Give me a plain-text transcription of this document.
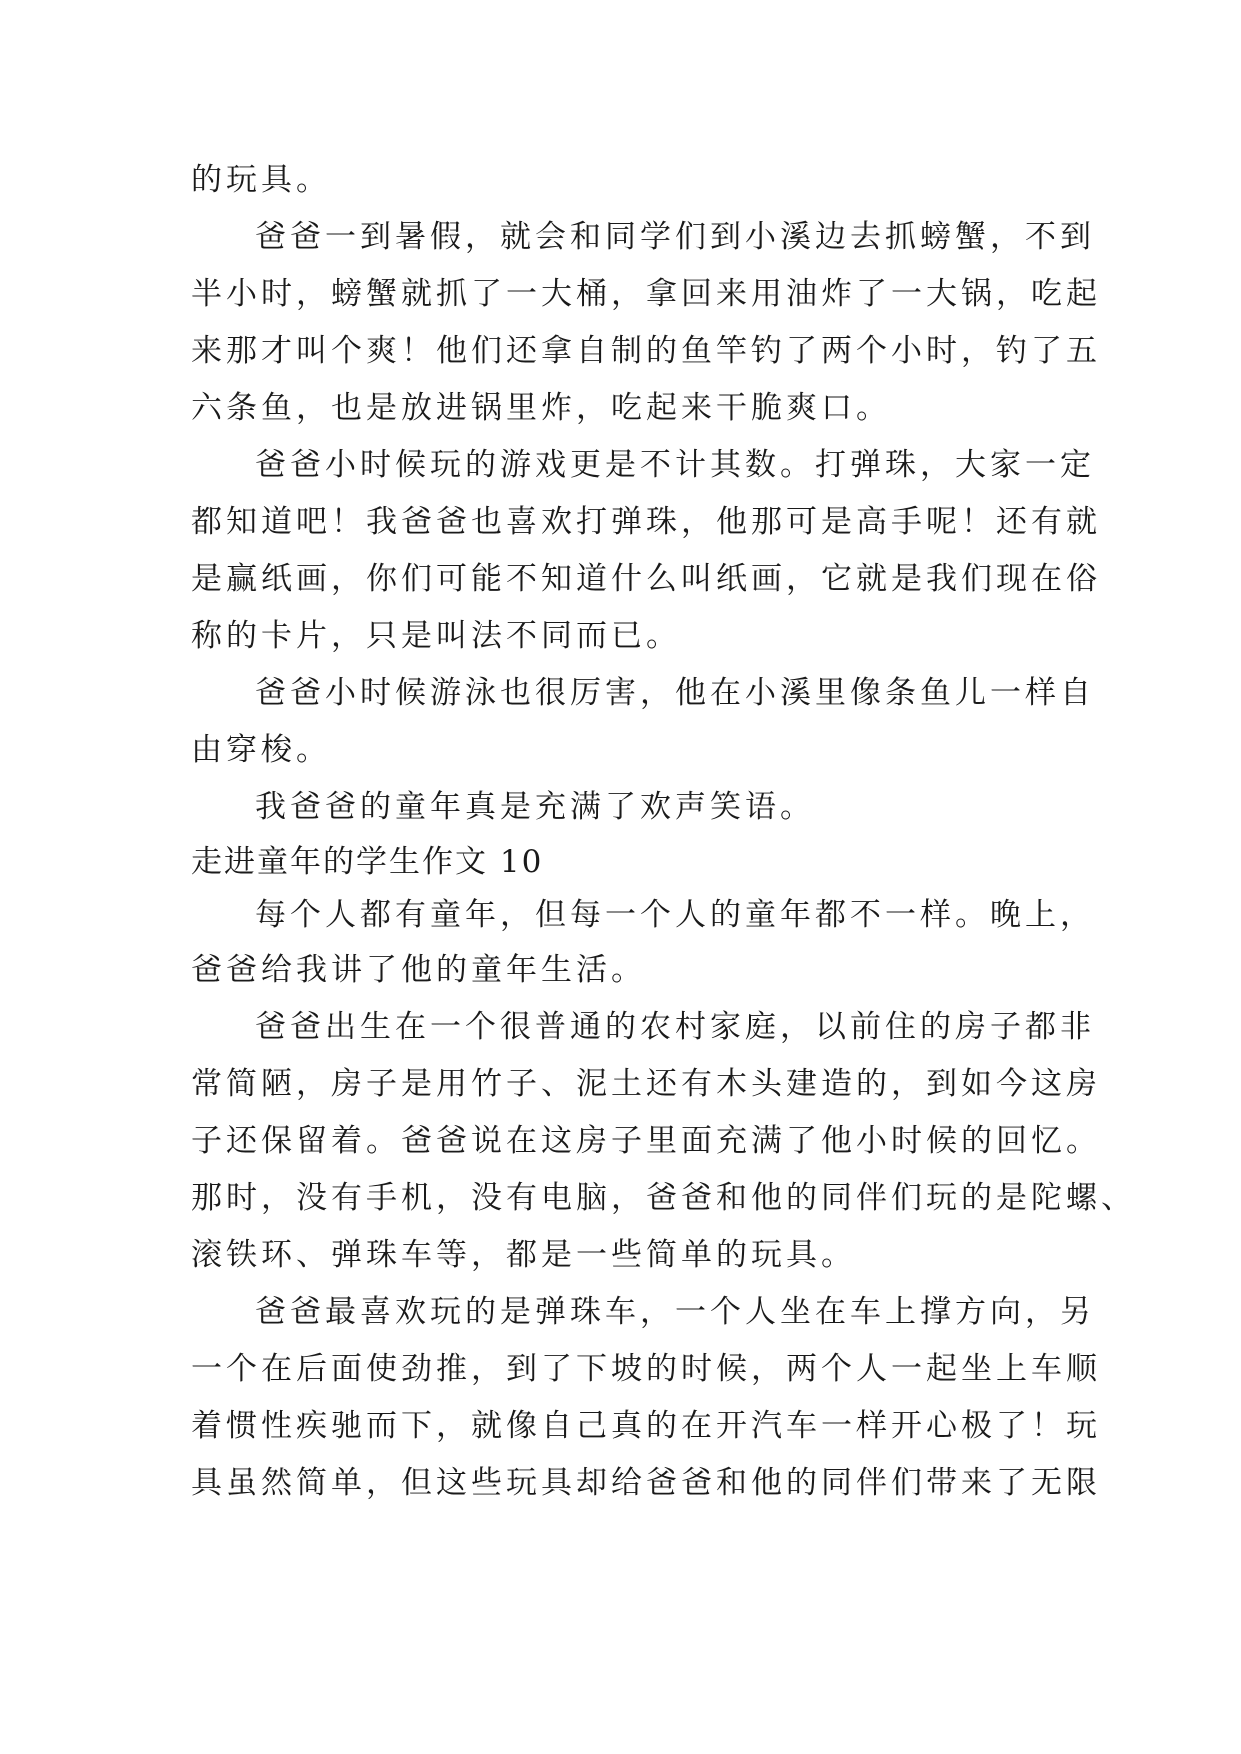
的玩具。
爸爸一到暑假，就会和同学们到小溪边去抓螃蟹，不到
半小时，螃蟹就抓了一大桶，拿回来用油炸了一大锅，吃起
来那才叫个爽！他们还拿自制的鱼竿钓了两个小时，钓了五
六条鱼，也是放进锅里炸，吃起来干脆爽口。
爸爸小时候玩的游戏更是不计其数。打弹珠，大家一定
都知道吧！我爸爸也喜欢打弹珠，他那可是高手呢！还有就
是赢纸画，你们可能不知道什么叫纸画，它就是我们现在俗
称的卡片，只是叫法不同而已。
爸爸小时候游泳也很厉害，他在小溪里像条鱼儿一样自
由穿梭。
我爸爸的童年真是充满了欢声笑语。
走进童年的学生作文 10
每个人都有童年，但每一个人的童年都不一样。晚上，
爸爸给我讲了他的童年生活。
爸爸出生在一个很普通的农村家庭，以前住的房子都非
常简陋，房子是用竹子、泥土还有木头建造的，到如今这房
子还保留着。爸爸说在这房子里面充满了他小时候的回忆。
那时，没有手机，没有电脑，爸爸和他的同伴们玩的是陀螺、
滚铁环、弹珠车等，都是一些简单的玩具。
爸爸最喜欢玩的是弹珠车，一个人坐在车上撑方向，另
一个在后面使劲推，到了下坡的时候，两个人一起坐上车顺
着惯性疾驰而下，就像自己真的在开汽车一样开心极了！玩
具虽然简单，但这些玩具却给爸爸和他的同伴们带来了无限
